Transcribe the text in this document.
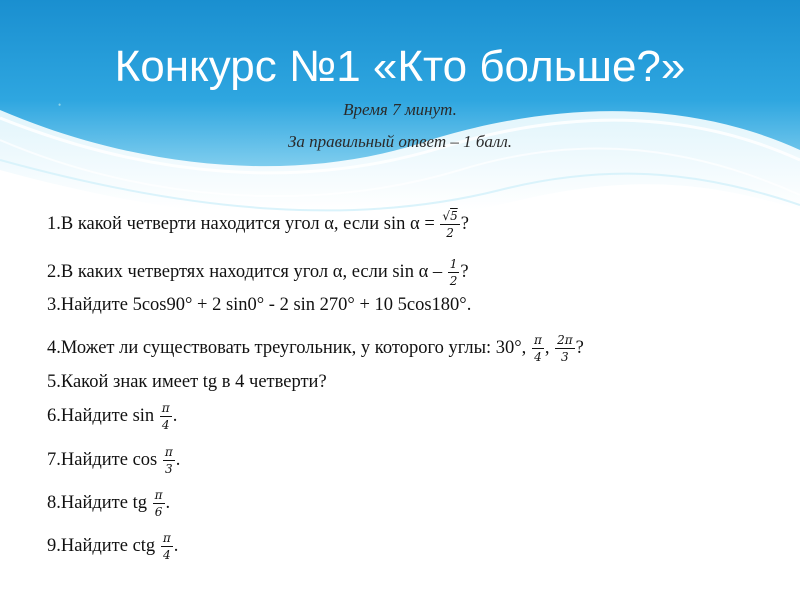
Конкурс №1 «Кто больше?»
•	Время 7 минут.
За правильный ответ – 1 балл.
1.В какой четверти находится угол α, если $\sin \alpha = \frac{√5}{2}$ ?
2.В каких четвертях находится угол α, если sin α – $\frac{1}{2}$ ?
3.Найдите 5cos90° + 2 sin0° - 2 sin 270° + 10 5cos180°.
4.Может ли существовать треугольник, у которого углы: 30°, $\frac{\pi}{4}$ , $\frac{2\pi}{3}$ ?
5.Какой знак имеет tg в 4 четверти?
6.Найдите $\sin \frac{\pi}{4}$ .
7.Найдите $\cos \frac{\pi}{3}$ .
8.Найдите tg $\frac{\pi}{6}$ .
9.Найдите ctg $\frac{\pi}{4}$ .
